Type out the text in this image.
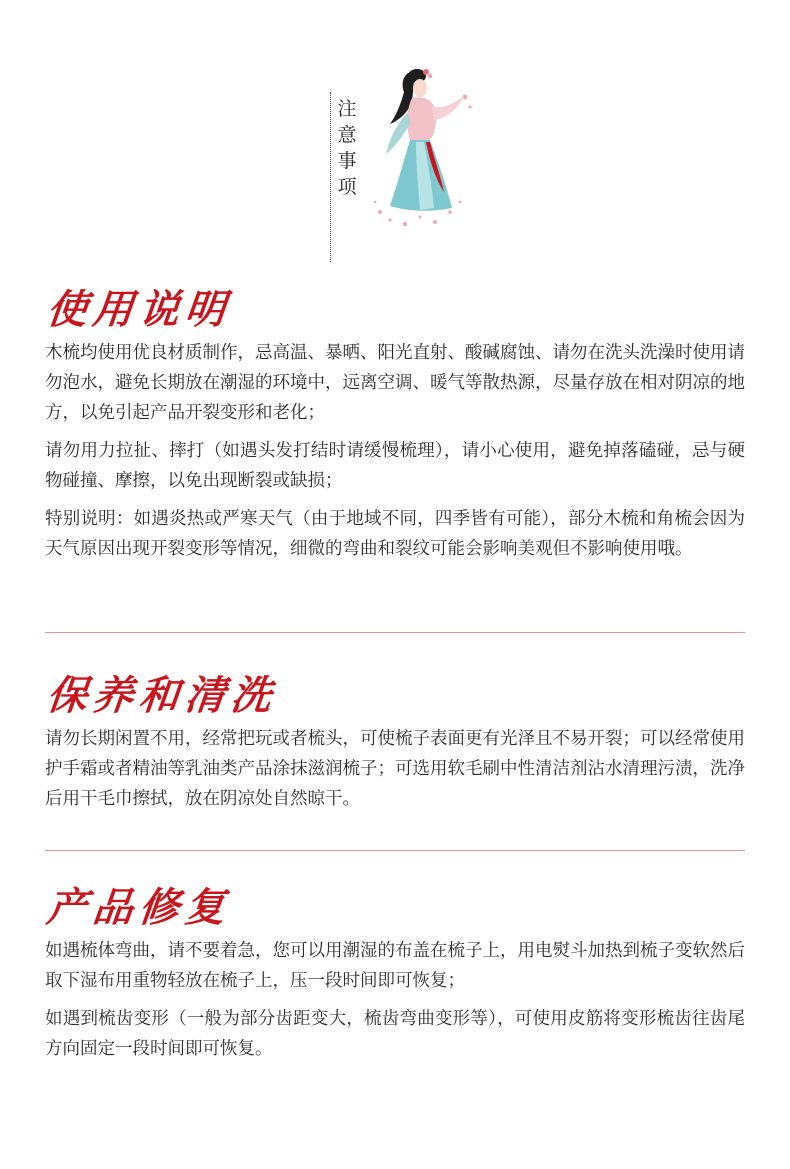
注
意
事
项
使用说明

木梳均使用优良材质制作，忌高温、暴晒、阳光直射、酸碱腐蚀、请勿在洗头洗澡时使用请勿泡水，避免长期放在潮湿的环境中，远离空调、暖气等散热源，尽量存放在相对阴凉的地方，以免引起产品开裂变形和老化；

请勿用力拉扯、摔打（如遇头发打结时请缓慢梳理），请小心使用，避免掉落磕碰，忌与硬物碰撞、摩擦，以免出现断裂或缺损；

特别说明：如遇炎热或严寒天气（由于地域不同，四季皆有可能），部分木梳和角梳会因为天气原因出现开裂变形等情况，细微的弯曲和裂纹可能会影响美观但不影响使用哦。

保养和清洗

请勿长期闲置不用，经常把玩或者梳头，可使梳子表面更有光泽且不易开裂；可以经常使用护手霜或者精油等乳油类产品涂抹滋润梳子；可选用软毛刷中性清洁剂沾水清理污渍，洗净后用干毛巾擦拭，放在阴凉处自然晾干。

产品修复

如遇梳体弯曲，请不要着急，您可以用潮湿的布盖在梳子上，用电熨斗加热到梳子变软然后取下湿布用重物轻放在梳子上，压一段时间即可恢复；

如遇到梳齿变形（一般为部分齿距变大，梳齿弯曲变形等），可使用皮筋将变形梳齿往齿尾方向固定一段时间即可恢复。
